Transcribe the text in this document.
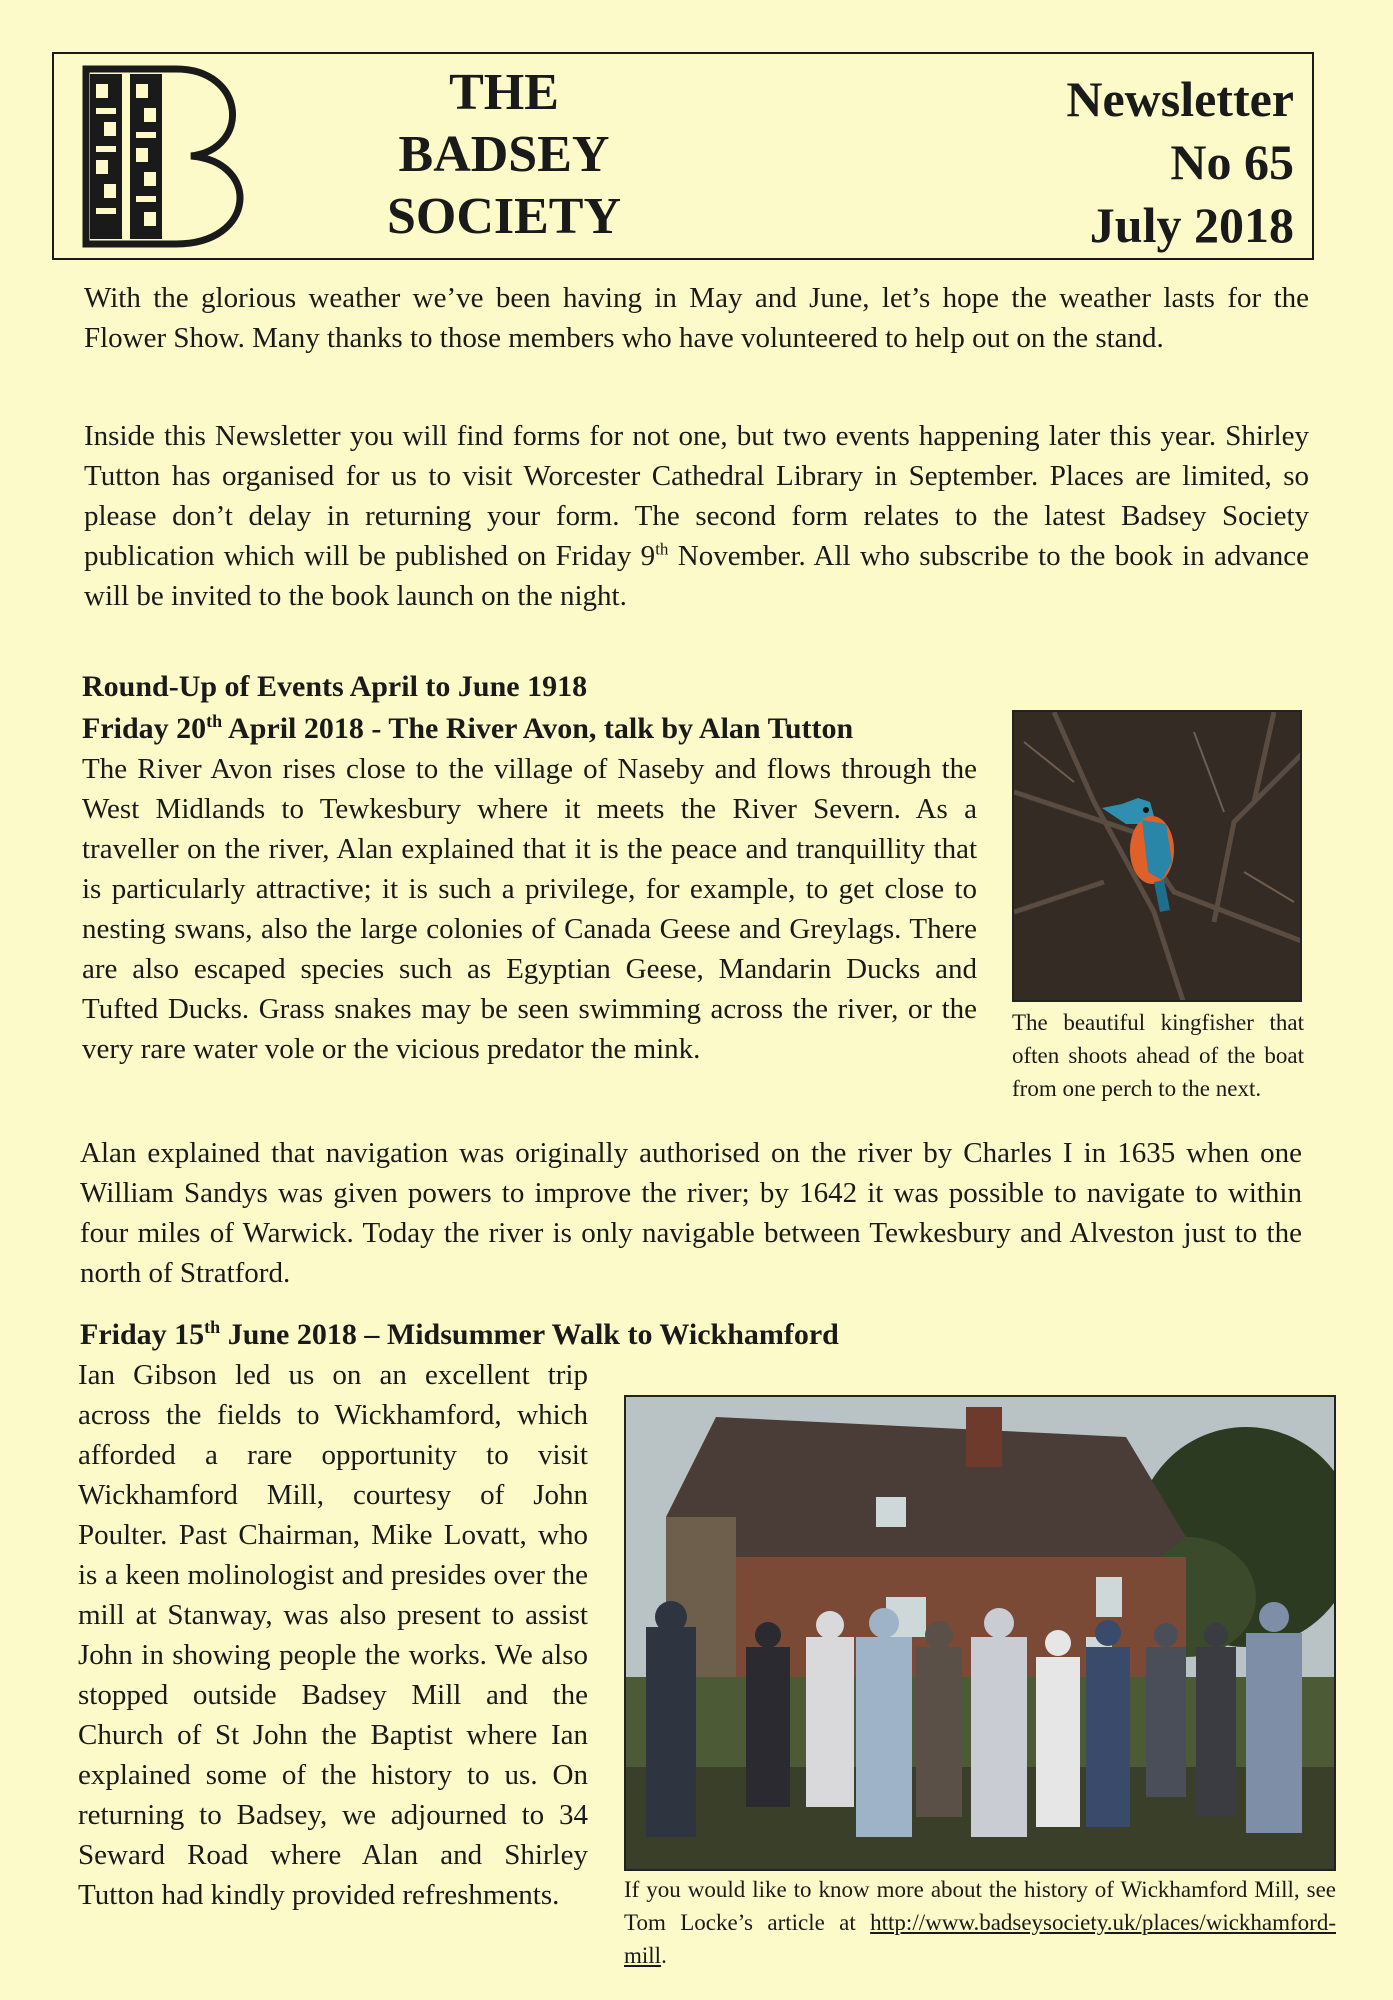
THE
BADSEY
SOCIETY
Newsletter
No 65
July 2018

With the glorious weather we’ve been having in May and June, let’s hope the weather lasts for the Flower Show. Many thanks to those members who have volunteered to help out on the stand.

Inside this Newsletter you will find forms for not one, but two events happening later this year. Shirley Tutton has organised for us to visit Worcester Cathedral Library in September. Places are limited, so please don’t delay in returning your form. The second form relates to the latest Badsey Society publication which will be published on Friday 9th November. All who subscribe to the book in advance will be invited to the book launch on the night.

Round-Up of Events April to June 1918
Friday 20th April 2018 - The River Avon, talk by Alan Tutton

The River Avon rises close to the village of Naseby and flows through the West Midlands to Tewkesbury where it meets the River Severn. As a traveller on the river, Alan explained that it is the peace and tranquillity that is particularly attractive; it is such a privilege, for example, to get close to nesting swans, also the large colonies of Canada Geese and Greylags. There are also escaped species such as Egyptian Geese, Mandarin Ducks and Tufted Ducks. Grass snakes may be seen swimming across the river, or the very rare water vole or the vicious predator the mink.

The beautiful kingfisher that often shoots ahead of the boat from one perch to the next.

Alan explained that navigation was originally authorised on the river by Charles I in 1635 when one William Sandys was given powers to improve the river; by 1642 it was possible to navigate to within four miles of Warwick. Today the river is only navigable between Tewkesbury and Alveston just to the north of Stratford.

Friday 15th June 2018 – Midsummer Walk to Wickhamford

Ian Gibson led us on an excellent trip across the fields to Wickhamford, which afforded a rare opportunity to visit Wickhamford Mill, courtesy of John Poulter. Past Chairman, Mike Lovatt, who is a keen molinologist and presides over the mill at Stanway, was also present to assist John in showing people the works. We also stopped outside Badsey Mill and the Church of St John the Baptist where Ian explained some of the history to us. On returning to Badsey, we adjourned to 34 Seward Road where Alan and Shirley Tutton had kindly provided refreshments.	If you would like to know more about the history of Wickhamford Mill, see Tom Locke’s article at http://www.badseysociety.uk/places/wickhamford-mill.
